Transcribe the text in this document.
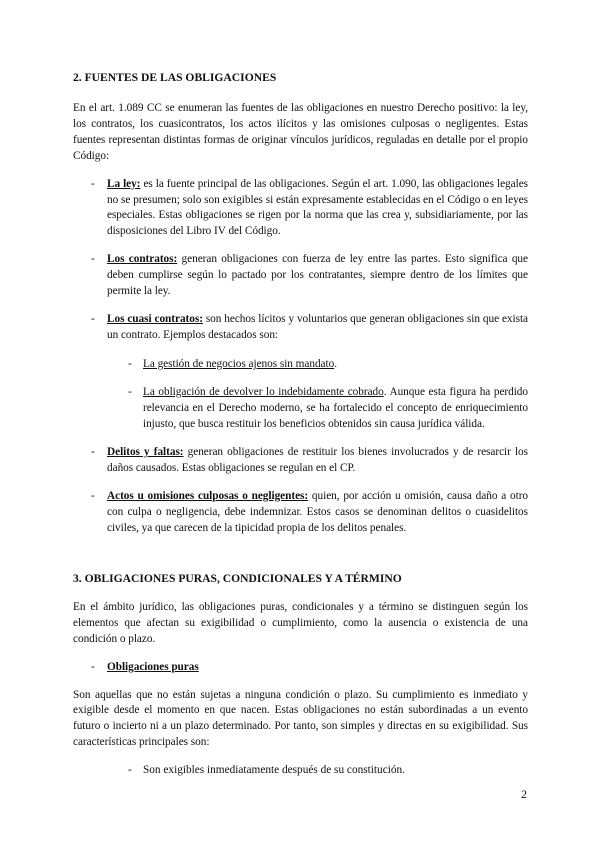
2. FUENTES DE LAS OBLIGACIONES

En el art. 1.089 CC se enumeran las fuentes de las obligaciones en nuestro Derecho positivo: la ley, los contratos, los cuasicontratos, los actos ilícitos y las omisiones culposas o negligentes. Estas fuentes representan distintas formas de originar vínculos jurídicos, reguladas en detalle por el propio Código:

- La ley: es la fuente principal de las obligaciones. Según el art. 1.090, las obligaciones legales no se presumen; solo son exigibles si están expresamente establecidas en el Código o en leyes especiales. Estas obligaciones se rigen por la norma que las crea y, subsidiariamente, por las disposiciones del Libro IV del Código.
- Los contratos: generan obligaciones con fuerza de ley entre las partes. Esto significa que deben cumplirse según lo pactado por los contratantes, siempre dentro de los límites que permite la ley.
- Los cuasi contratos: son hechos lícitos y voluntarios que generan obligaciones sin que exista un contrato. Ejemplos destacados son:
- La gestión de negocios ajenos sin mandato.
- La obligación de devolver lo indebidamente cobrado. Aunque esta figura ha perdido relevancia en el Derecho moderno, se ha fortalecido el concepto de enriquecimiento injusto, que busca restituir los beneficios obtenidos sin causa jurídica válida.
- Delitos y faltas: generan obligaciones de restituir los bienes involucrados y de resarcir los daños causados. Estas obligaciones se regulan en el CP.
- Actos u omisiones culposas o negligentes: quien, por acción u omisión, causa daño a otro con culpa o negligencia, debe indemnizar. Estos casos se denominan delitos o cuasidelitos civiles, ya que carecen de la tipicidad propia de los delitos penales.
3. OBLIGACIONES PURAS, CONDICIONALES Y A TÉRMINO

En el ámbito jurídico, las obligaciones puras, condicionales y a término se distinguen según los elementos que afectan su exigibilidad o cumplimiento, como la ausencia o existencia de una condición o plazo.

- Obligaciones puras

Son aquellas que no están sujetas a ninguna condición o plazo. Su cumplimiento es inmediato y exigible desde el momento en que nacen. Estas obligaciones no están subordinadas a un evento futuro o incierto ni a un plazo determinado. Por tanto, son simples y directas en su exigibilidad. Sus características principales son:

- Son exigibles inmediatamente después de su constitución.
2
